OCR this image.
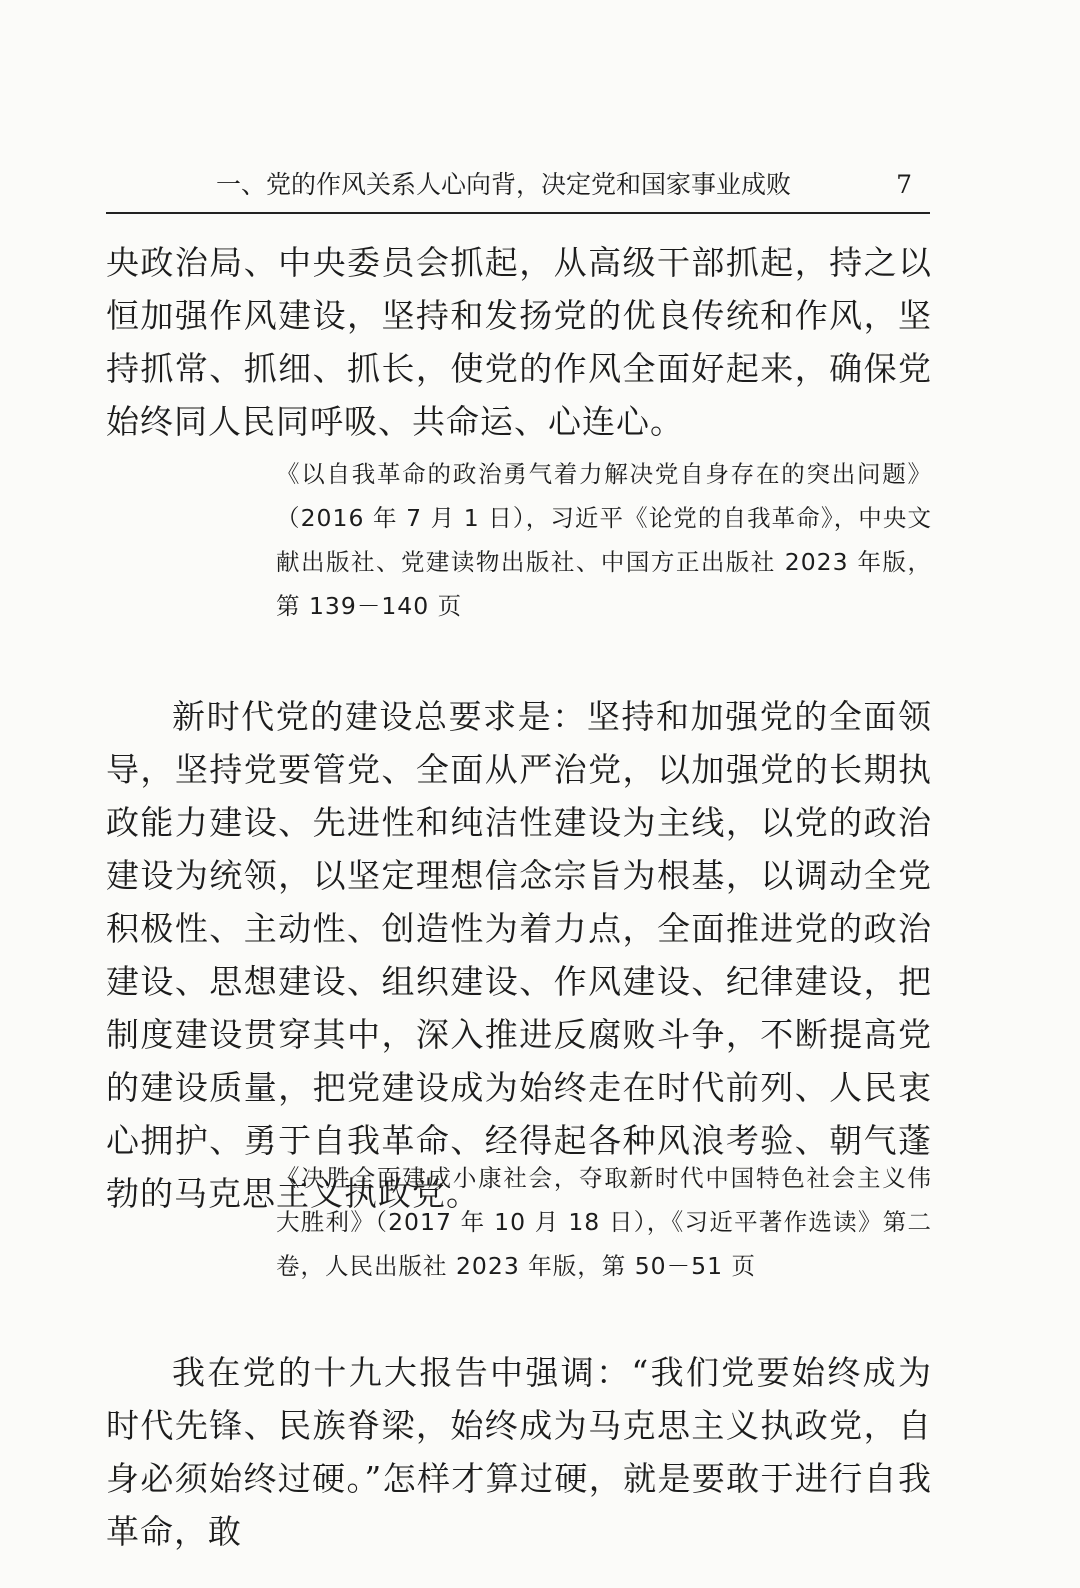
一、党的作风关系人心向背，决定党和国家事业成败	7

央政治局、中央委员会抓起，从高级干部抓起，持之以恒加强作风建设，坚持和发扬党的优良传统和作风，坚持抓常、抓细、抓长，使党的作风全面好起来，确保党始终同人民同呼吸、共命运、心连心。

《以自我革命的政治勇气着力解决党自身存在的突出问题》（2016 年 7 月 1 日），习近平《论党的自我革命》，中央文献出版社、党建读物出版社、中国方正出版社 2023 年版，第 139－140 页

新时代党的建设总要求是：坚持和加强党的全面领导，坚持党要管党、全面从严治党，以加强党的长期执政能力建设、先进性和纯洁性建设为主线，以党的政治建设为统领，以坚定理想信念宗旨为根基，以调动全党积极性、主动性、创造性为着力点，全面推进党的政治建设、思想建设、组织建设、作风建设、纪律建设，把制度建设贯穿其中，深入推进反腐败斗争，不断提高党的建设质量，把党建设成为始终走在时代前列、人民衷心拥护、勇于自我革命、经得起各种风浪考验、朝气蓬勃的马克思主义执政党。

《决胜全面建成小康社会，夺取新时代中国特色社会主义伟大胜利》（2017 年 10 月 18 日），《习近平著作选读》第二卷，人民出版社 2023 年版，第 50－51 页

我在党的十九大报告中强调：“我们党要始终成为时代先锋、民族脊梁，始终成为马克思主义执政党，自身必须始终过硬。”怎样才算过硬，就是要敢于进行自我革命，敢
